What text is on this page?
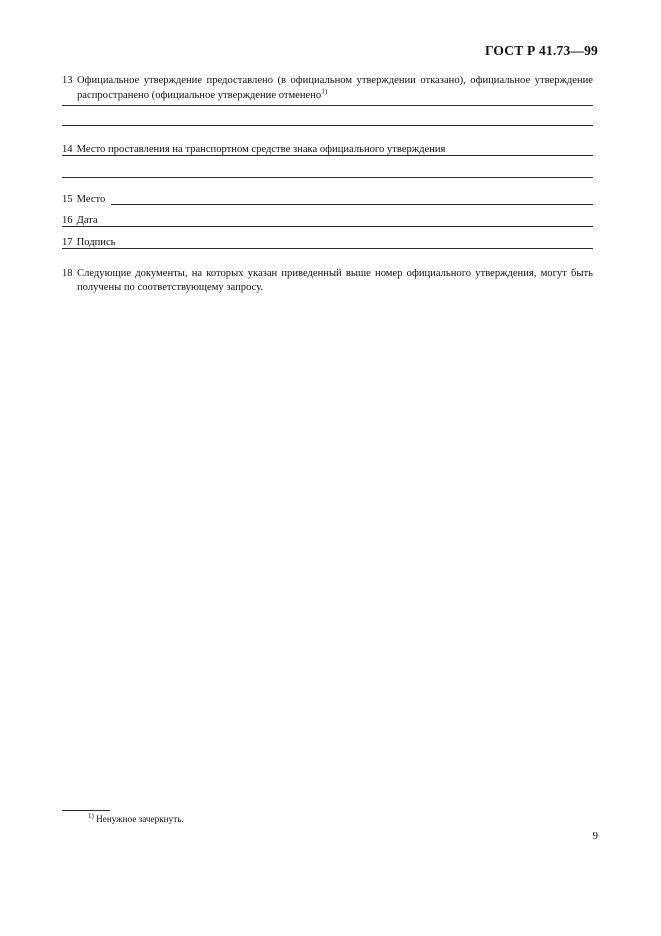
ГОСТ Р 41.73—99
13 Официальное утверждение предоставлено (в официальном утверждении отказано), официальное утверждение распространено (официальное утверждение отменено$^{1)}$
14 Место проставления на транспортном средстве знака официального утверждения
15 Место
16 Дата
17 Подпись
18 Следующие документы, на которых указан приведенный выше номер официального утверждения, могут быть получены по соответствующему запросу.
$^{1)}$ Ненужное зачеркнуть.
9
